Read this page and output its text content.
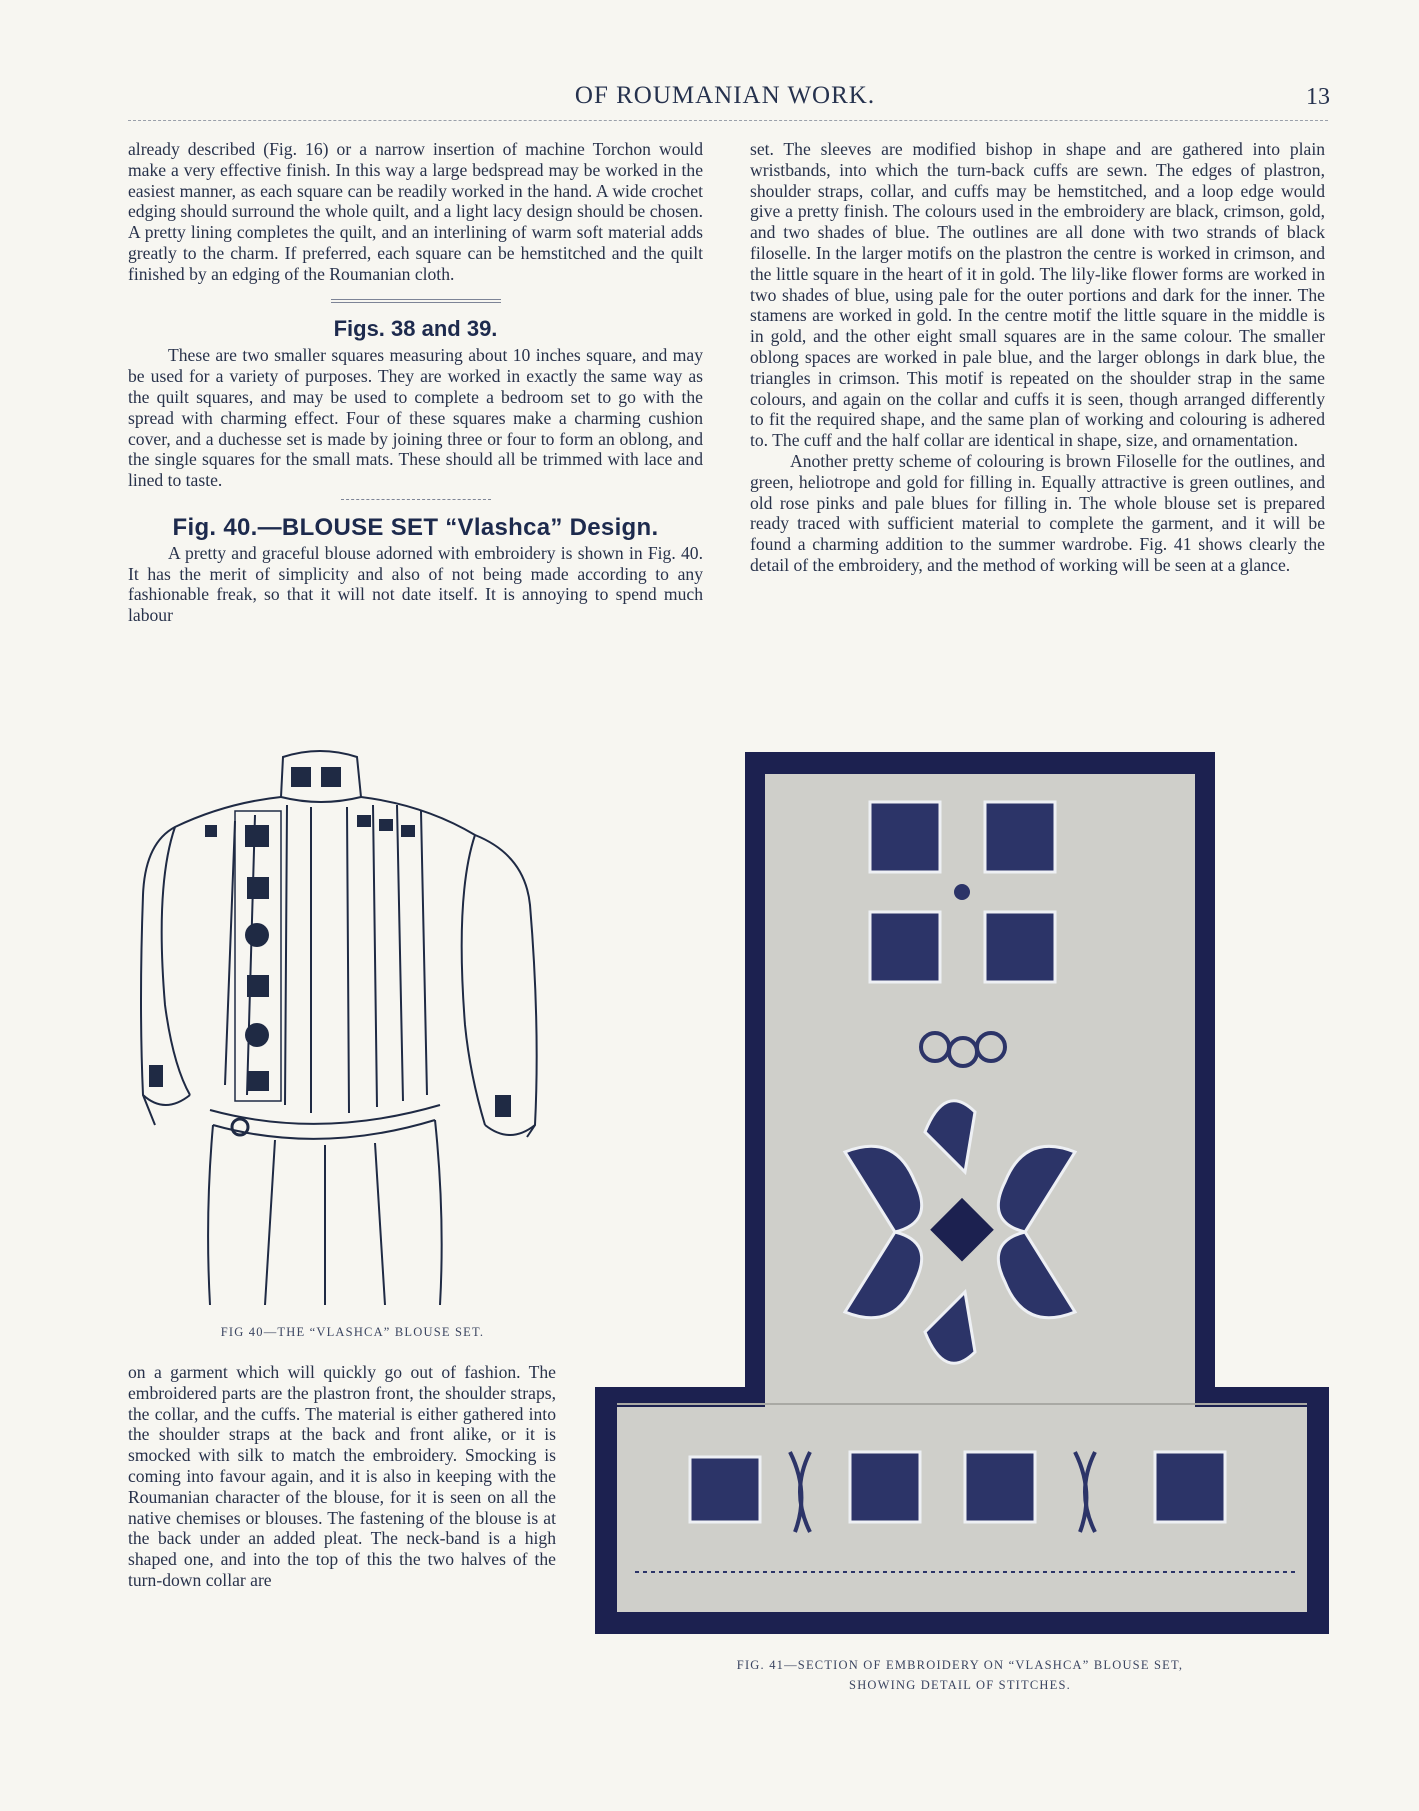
OF ROUMANIAN WORK.	13

already described (Fig. 16) or a narrow insertion of machine Torchon would make a very effective finish. In this way a large bedspread may be worked in the easiest manner, as each square can be readily worked in the hand. A wide crochet edging should surround the whole quilt, and a light lacy design should be chosen. A pretty lining completes the quilt, and an interlining of warm soft material adds greatly to the charm. If preferred, each square can be hemstitched and the quilt finished by an edging of the Roumanian cloth.

Figs. 38 and 39.

These are two smaller squares measuring about 10 inches square, and may be used for a variety of purposes. They are worked in exactly the same way as the quilt squares, and may be used to complete a bedroom set to go with the spread with charming effect. Four of these squares make a charming cushion cover, and a duchesse set is made by joining three or four to form an oblong, and the single squares for the small mats. These should all be trimmed with lace and lined to taste.

Fig. 40.—BLOUSE SET “Vlashca” Design.

A pretty and graceful blouse adorned with embroidery is shown in Fig. 40. It has the merit of simplicity and also of not being made according to any fashionable freak, so that it will not date itself. It is annoying to spend much labour

set. The sleeves are modified bishop in shape and are gathered into plain wristbands, into which the turn-back cuffs are sewn. The edges of plastron, shoulder straps, collar, and cuffs may be hemstitched, and a loop edge would give a pretty finish. The colours used in the embroidery are black, crimson, gold, and two shades of blue. The outlines are all done with two strands of black filoselle. In the larger motifs on the plastron the centre is worked in crimson, and the little square in the heart of it in gold. The lily-like flower forms are worked in two shades of blue, using pale for the outer portions and dark for the inner. The stamens are worked in gold. In the centre motif the little square in the middle is in gold, and the other eight small squares are in the same colour. The smaller oblong spaces are worked in pale blue, and the larger oblongs in dark blue, the triangles in crimson. This motif is repeated on the shoulder strap in the same colours, and again on the collar and cuffs it is seen, though arranged differently to fit the required shape, and the same plan of working and colouring is adhered to. The cuff and the half collar are identical in shape, size, and ornamentation.

Another pretty scheme of colouring is brown Filoselle for the outlines, and green, heliotrope and gold for filling in. Equally attractive is green outlines, and old rose pinks and pale blues for filling in. The whole blouse set is prepared ready traced with sufficient material to complete the garment, and it will be found a charming addition to the summer wardrobe. Fig. 41 shows clearly the detail of the embroidery, and the method of working will be seen at a glance.

FIG 40—THE “VLASHCA” BLOUSE SET.

on a garment which will quickly go out of fashion. The embroidered parts are the plastron front, the shoulder straps, the collar, and the cuffs. The material is either gathered into the shoulder straps at the back and front alike, or it is smocked with silk to match the embroidery. Smocking is coming into favour again, and it is also in keeping with the Roumanian character of the blouse, for it is seen on all the native chemises or blouses. The fastening of the blouse is at the back under an added pleat. The neck-band is a high shaped one, and into the top of this the two halves of the turn-down collar are

FIG. 41—SECTION OF EMBROIDERY ON “VLASHCA” BLOUSE SET,
SHOWING DETAIL OF STITCHES.
